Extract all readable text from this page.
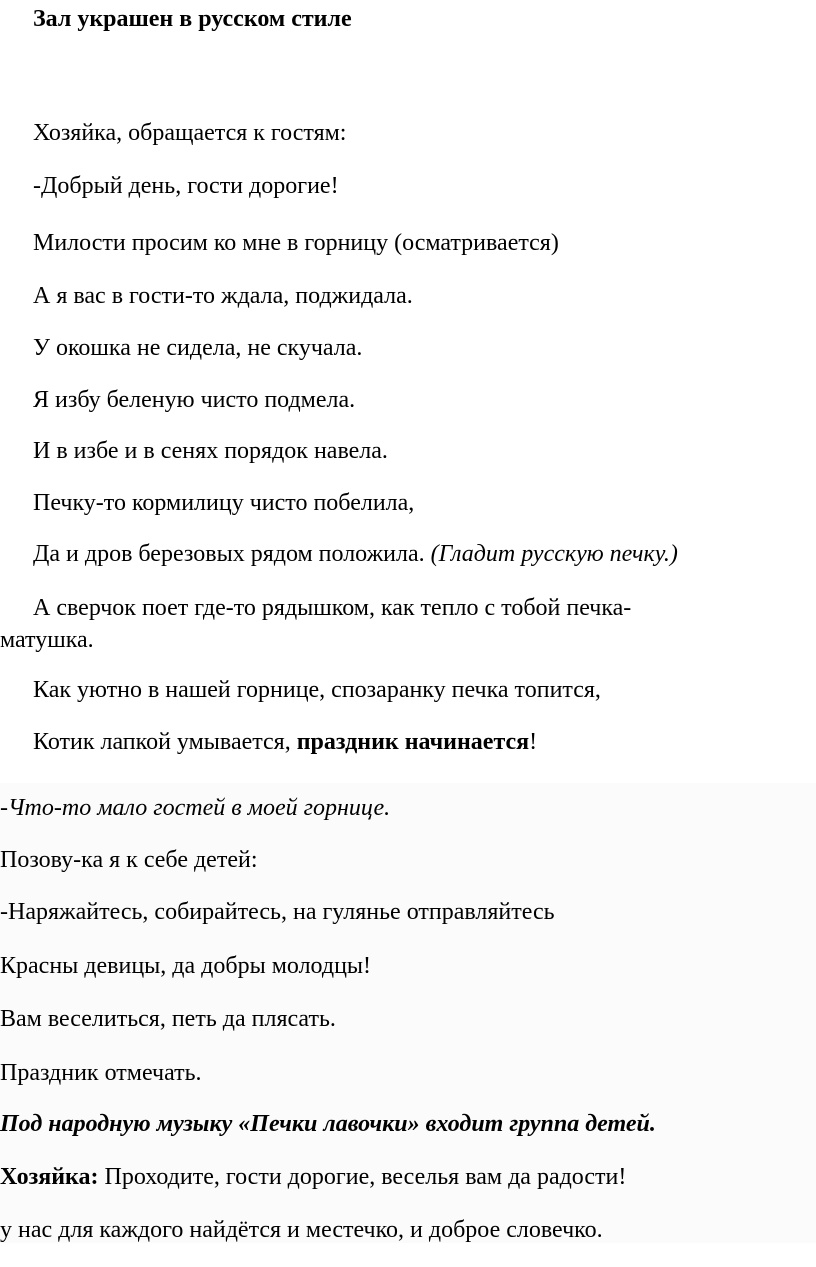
Зал украшен в русском стиле
Хозяйка, обращается к гостям:
-Добрый день, гости дорогие!
Милости просим ко мне в горницу (осматривается)
А я вас в гости-то ждала, поджидала.
У окошка не сидела, не скучала.
Я избу беленую чисто подмела.
И в избе и в сенях порядок навела.
Печку-то кормилицу чисто побелила,
Да и дров березовых рядом положила. (Гладит русскую печку.)
А сверчок поет где-то рядышком, как тепло с тобой печка-
матушка.
Как уютно в нашей горнице, спозаранку печка топится,
Котик лапкой умывается, праздник начинается!
-Что-то мало гостей в моей горнице.
Позову-ка я к себе детей:
-Наряжайтесь, собирайтесь, на гулянье отправляйтесь
Красны девицы, да добры молодцы!
Вам веселиться, петь да плясать.
Праздник отмечать.
Под народную музыку «Печки лавочки» входит группа детей.
Хозяйка: Проходите, гости дорогие, веселья вам да радости!
у нас для каждого найдётся и местечко, и доброе словечко.
